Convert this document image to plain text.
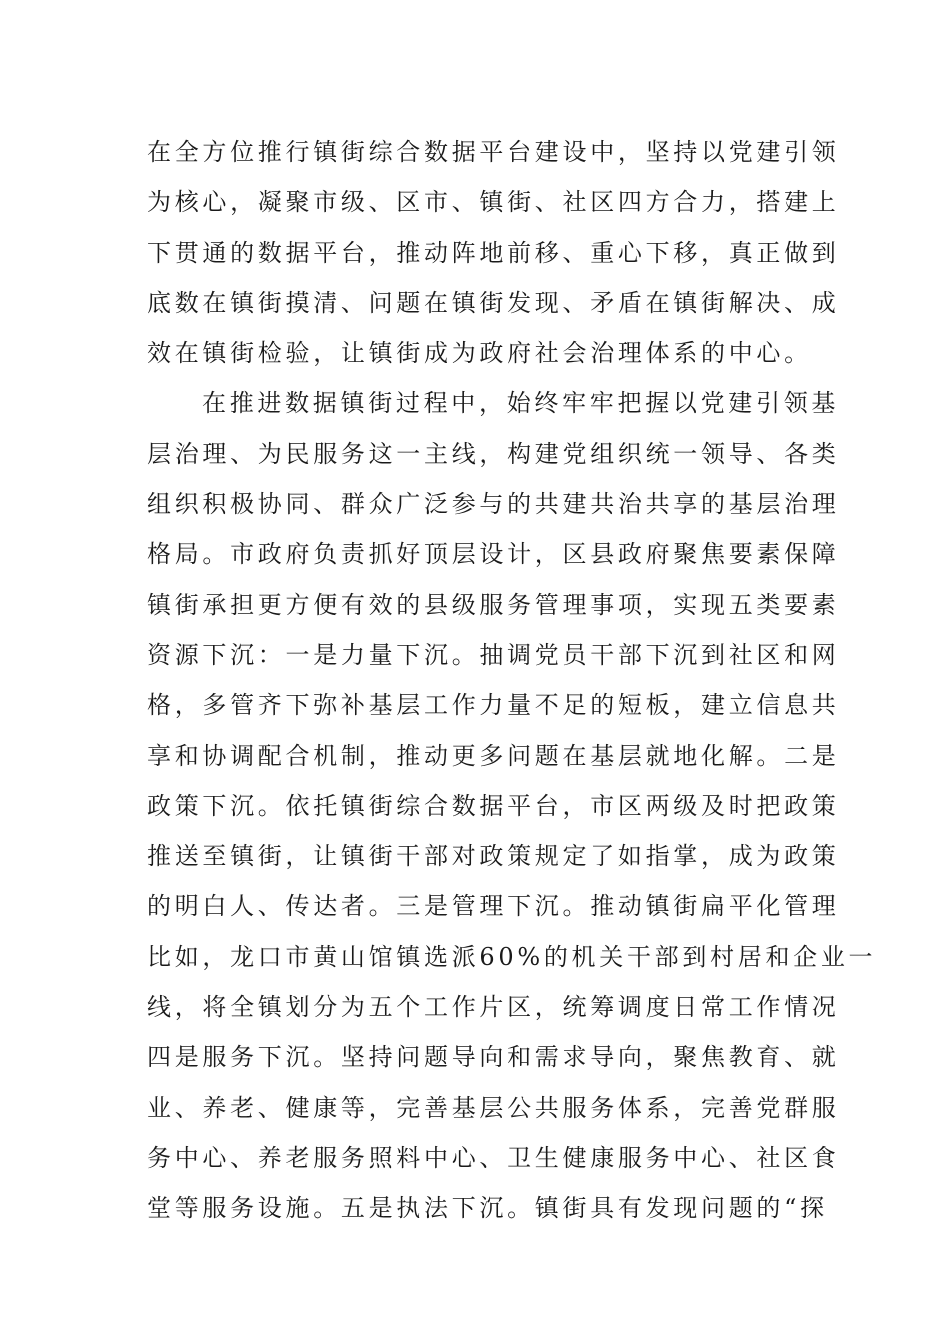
在全方位推行镇街综合数据平台建设中，坚持以党建引领
为核心，凝聚市级、区市、镇街、社区四方合力，搭建上
下贯通的数据平台，推动阵地前移、重心下移，真正做到
底数在镇街摸清、问题在镇街发现、矛盾在镇街解决、成
效在镇街检验，让镇街成为政府社会治理体系的中心。
在推进数据镇街过程中，始终牢牢把握以党建引领基
层治理、为民服务这一主线，构建党组织统一领导、各类
组织积极协同、群众广泛参与的共建共治共享的基层治理
格局。市政府负责抓好顶层设计，区县政府聚焦要素保障
镇街承担更方便有效的县级服务管理事项，实现五类要素
资源下沉：一是力量下沉。抽调党员干部下沉到社区和网
格，多管齐下弥补基层工作力量不足的短板，建立信息共
享和协调配合机制，推动更多问题在基层就地化解。二是
政策下沉。依托镇街综合数据平台，市区两级及时把政策
推送至镇街，让镇街干部对政策规定了如指掌，成为政策
的明白人、传达者。三是管理下沉。推动镇街扁平化管理
比如，龙口市黄山馆镇选派60%的机关干部到村居和企业一
线，将全镇划分为五个工作片区，统筹调度日常工作情况
四是服务下沉。坚持问题导向和需求导向，聚焦教育、就
业、养老、健康等，完善基层公共服务体系，完善党群服
务中心、养老服务照料中心、卫生健康服务中心、社区食
堂等服务设施。五是执法下沉。镇街具有发现问题的“探
